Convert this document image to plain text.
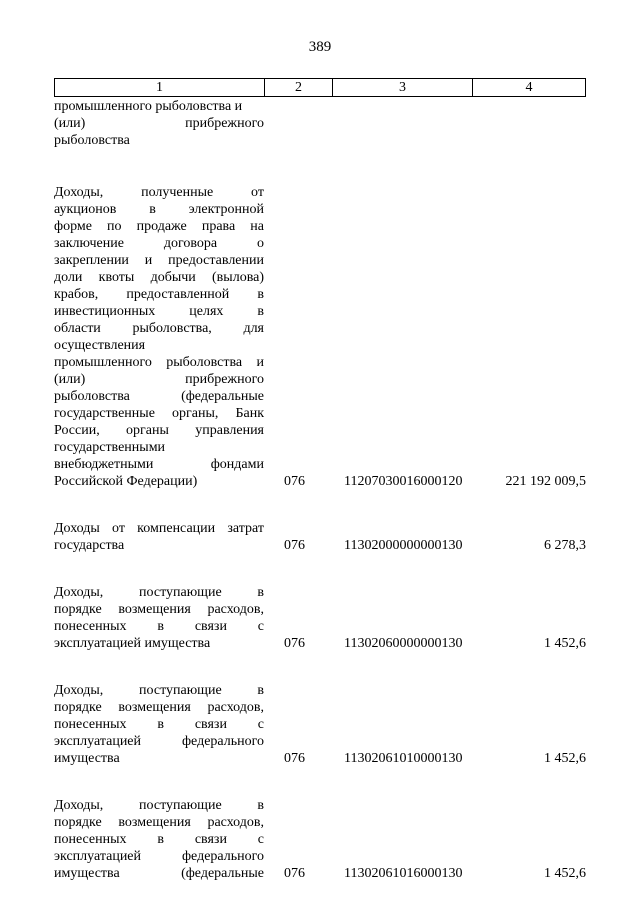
389
1	2	3	4
промышленного рыболовства и
(или) прибрежного
рыболовства
Доходы, полученные от
аукционов в электронной
форме по продаже права на
заключение договора о
закреплении и предоставлении
доли квоты добычи (вылова)
крабов, предоставленной в
инвестиционных целях в
области рыболовства, для
осуществления
промышленного рыболовства и
(или) прибрежного
рыболовства (федеральные
государственные органы, Банк
России, органы управления
государственными
внебюджетными фондами
Российской Федерации)	076	11207030016000120	221 192 009,5
Доходы от компенсации затрат
государства	076	11302000000000130	6 278,3
Доходы, поступающие в
порядке возмещения расходов,
понесенных в связи с
эксплуатацией имущества	076	11302060000000130	1 452,6
Доходы, поступающие в
порядке возмещения расходов,
понесенных в связи с
эксплуатацией федерального
имущества	076	11302061010000130	1 452,6
Доходы, поступающие в
порядке возмещения расходов,
понесенных в связи с
эксплуатацией федерального
имущества (федеральные 076	11302061016000130	1 452,6
